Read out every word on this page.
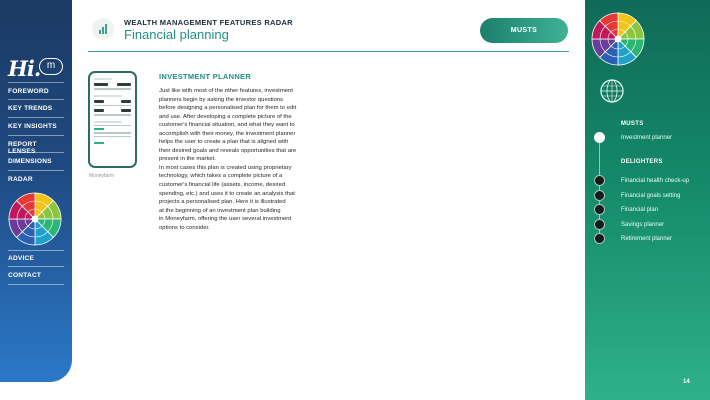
Hi. m
FOREWORD
KEY TRENDS
KEY INSIGHTS
REPORT LENSES
DIMENSIONS
RADAR
ADVICE
CONTACT
WEALTH MANAGEMENT FEATURES RADAR
Financial planning	MUSTS
Moneyfarm
INVESTMENT PLANNER
Just like with most of the other features, investment
planners begin by asking the investor questions
before designing a personalised plan for them to edit
and use. After developing a complete picture of the
customer's financial situation, and what they want to
accomplish with their money, the investment planner
helps the user to create a plan that is aligned with
their desired goals and reveals opportunities that are
present in the market.
In most cases this plan is created using proprietary
technology, which takes a complete picture of a
customer's financial life (assets, income, desired
spending, etc.) and uses it to create an analysis that
projects a personalised plan. Here it is illustrated
at the beginning of an investment plan building
in Moneyfarm, offering the user several investment
options to consider.
MUSTS
Investment planner
DELIGHTERS
Financial health check-up
Financial goals setting
Financial plan
Savings planner
Retirement planner
14
